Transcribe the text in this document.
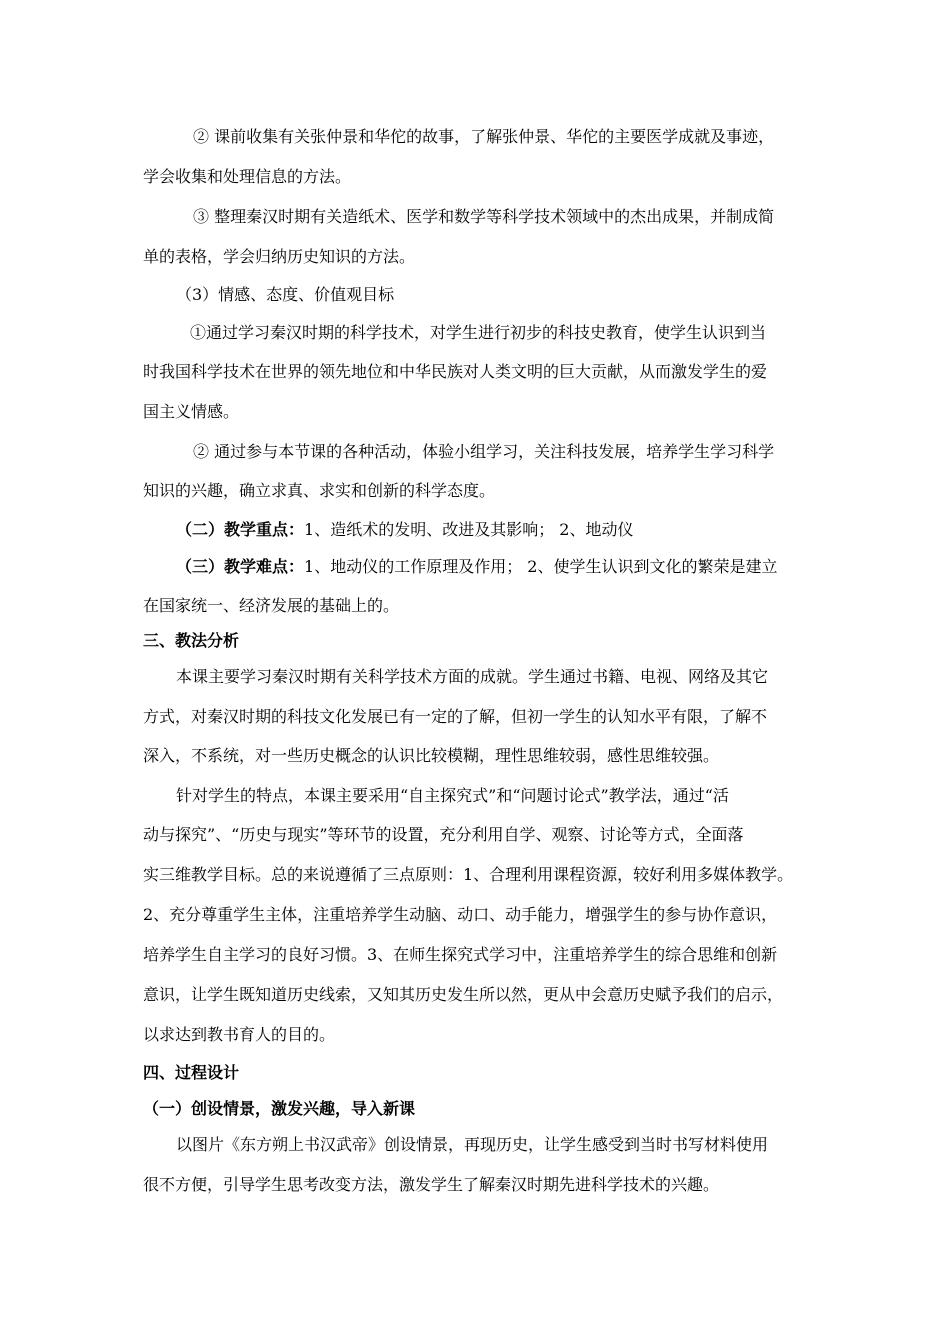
② 课前收集有关张仲景和华佗的故事，了解张仲景、华佗的主要医学成就及事迹，
学会收集和处理信息的方法。
③ 整理秦汉时期有关造纸术、医学和数学等科学技术领域中的杰出成果，并制成简
单的表格，学会归纳历史知识的方法。
（3）情感、态度、价值观目标
①通过学习秦汉时期的科学技术，对学生进行初步的科技史教育，使学生认识到当
时我国科学技术在世界的领先地位和中华民族对人类文明的巨大贡献，从而激发学生的爱
国主义情感。
② 通过参与本节课的各种活动，体验小组学习，关注科技发展，培养学生学习科学
知识的兴趣，确立求真、求实和创新的科学态度。
（二）教学重点：1、造纸术的发明、改进及其影响； 2、地动仪
（三）教学难点：1、地动仪的工作原理及作用； 2、使学生认识到文化的繁荣是建立
在国家统一、经济发展的基础上的。
三、教法分析
本课主要学习秦汉时期有关科学技术方面的成就。学生通过书籍、电视、网络及其它
方式，对秦汉时期的科技文化发展已有一定的了解，但初一学生的认知水平有限，了解不
深入，不系统，对一些历史概念的认识比较模糊，理性思维较弱，感性思维较强。
针对学生的特点，本课主要采用“自主探究式”和“问题讨论式”教学法，通过“活
动与探究”、“历史与现实”等环节的设置，充分利用自学、观察、讨论等方式，全面落
实三维教学目标。总的来说遵循了三点原则：1、合理利用课程资源，较好利用多媒体教学。
2、充分尊重学生主体，注重培养学生动脑、动口、动手能力，增强学生的参与协作意识，
培养学生自主学习的良好习惯。3、在师生探究式学习中，注重培养学生的综合思维和创新
意识，让学生既知道历史线索，又知其历史发生所以然，更从中会意历史赋予我们的启示，
以求达到教书育人的目的。
四、过程设计
（一）创设情景，激发兴趣，导入新课
以图片《东方朔上书汉武帝》创设情景，再现历史，让学生感受到当时书写材料使用
很不方便，引导学生思考改变方法，激发学生了解秦汉时期先进科学技术的兴趣。
